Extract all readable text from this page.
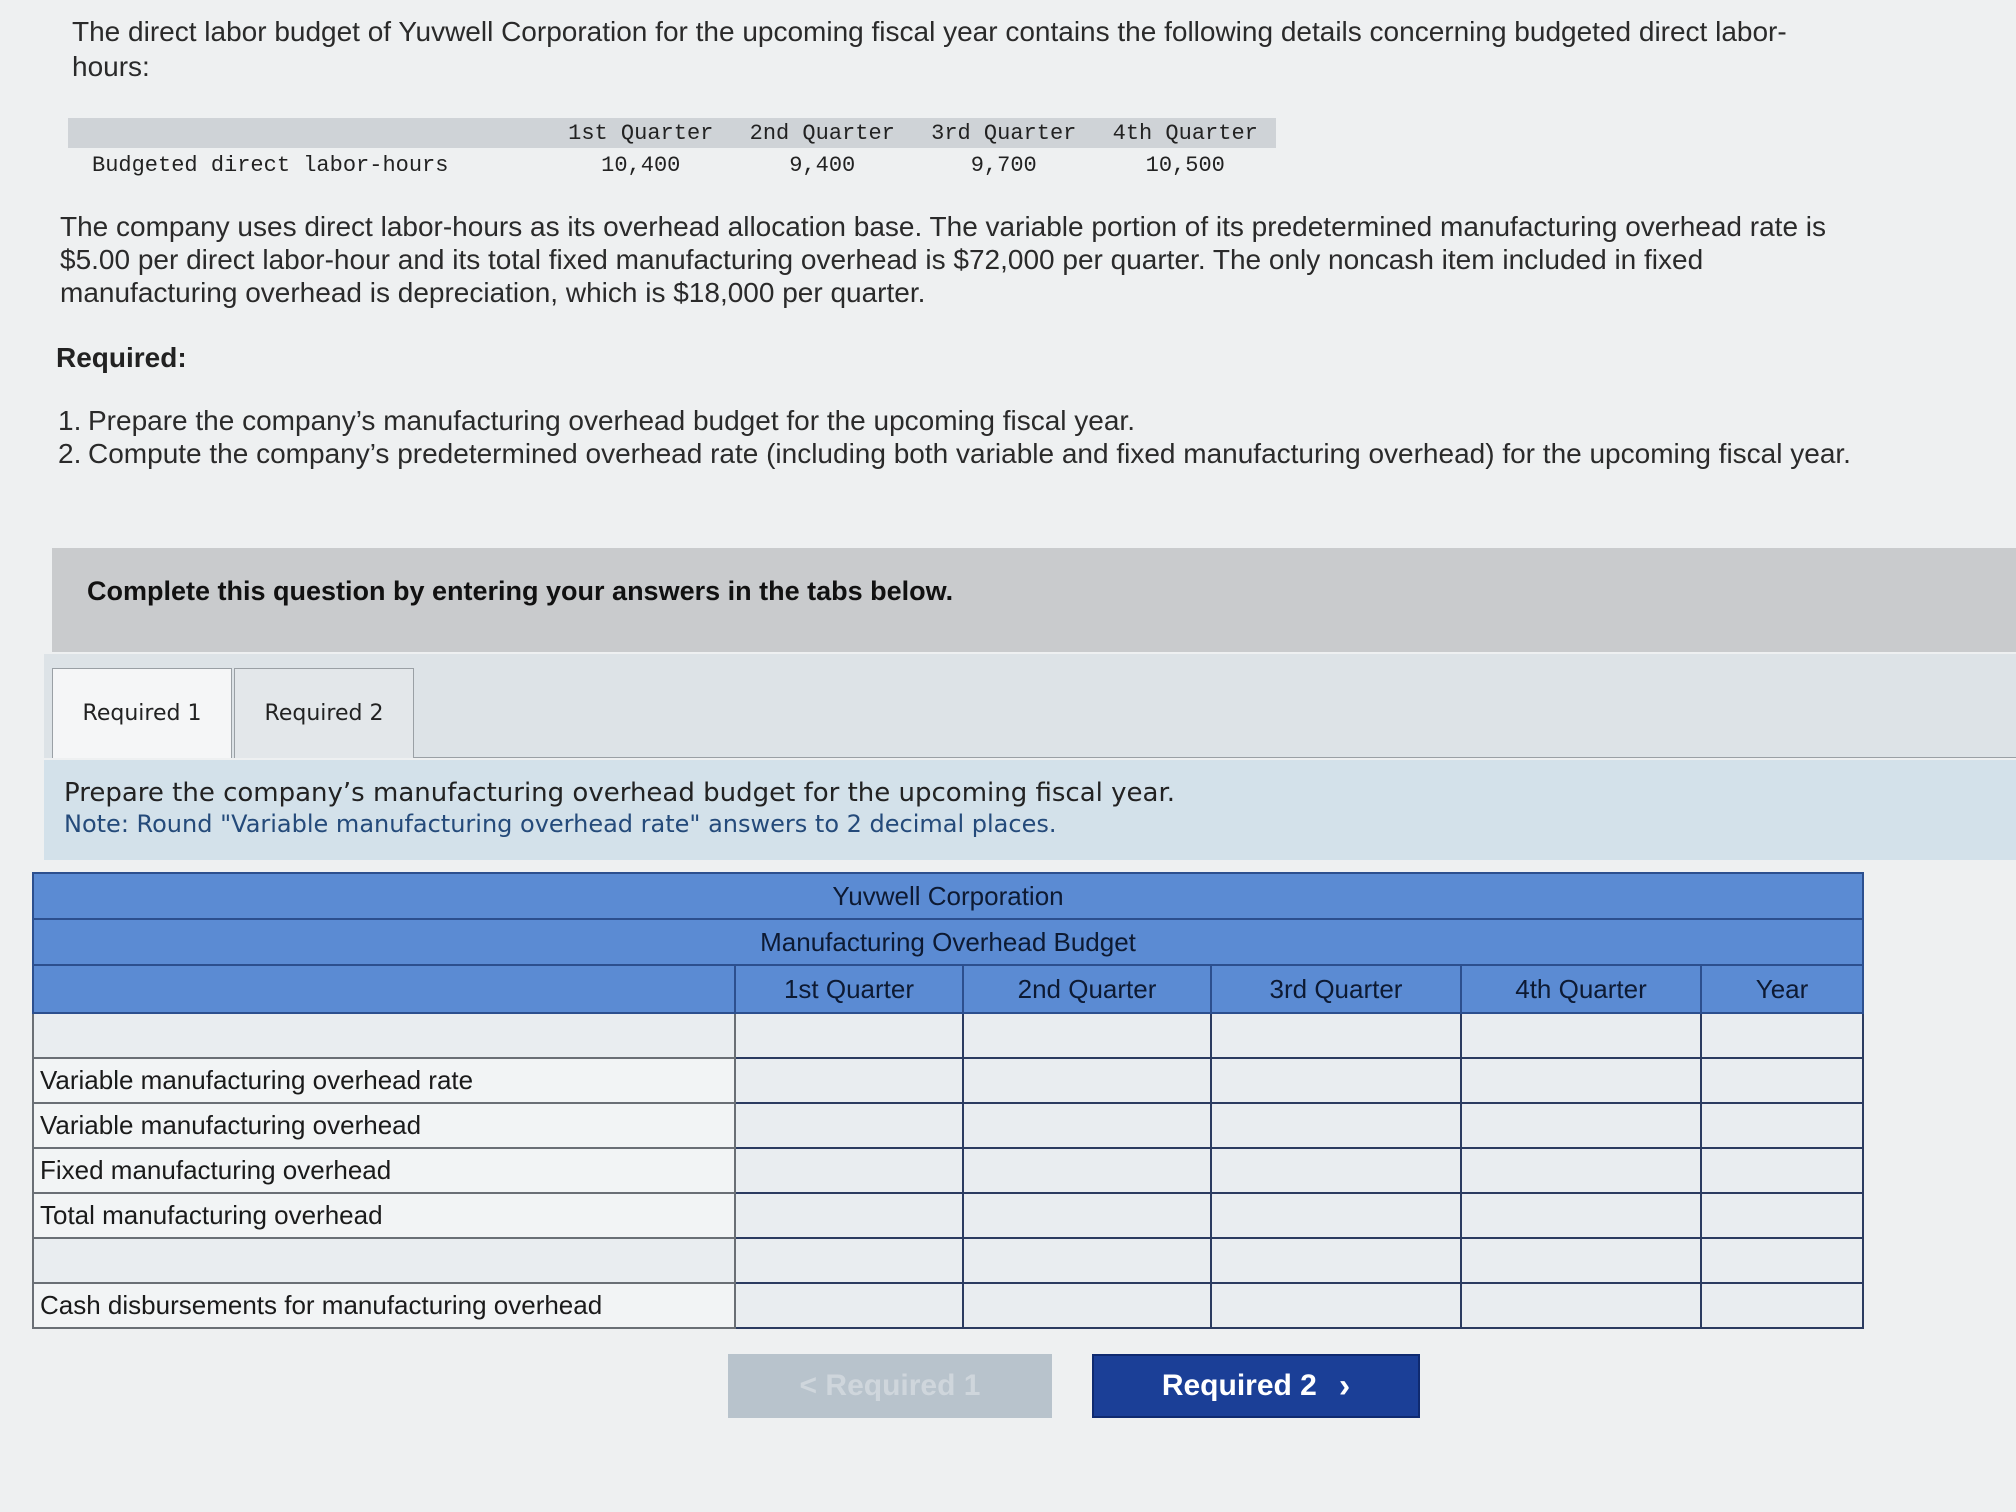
The direct labor budget of Yuvwell Corporation for the upcoming fiscal year contains the following details concerning budgeted direct labor-hours:
	1st Quarter	2nd Quarter	3rd Quarter	4th Quarter
Budgeted direct labor-hours	10,400	9,400	9,700	10,500
The company uses direct labor-hours as its overhead allocation base. The variable portion of its predetermined manufacturing overhead rate is $5.00 per direct labor-hour and its total fixed manufacturing overhead is $72,000 per quarter. The only noncash item included in fixed manufacturing overhead is depreciation, which is $18,000 per quarter.
Required:
1. Prepare the company’s manufacturing overhead budget for the upcoming fiscal year.
2. Compute the company’s predetermined overhead rate (including both variable and fixed manufacturing overhead) for the upcoming fiscal year.
Complete this question by entering your answers in the tabs below.
Required 1	Required 2
Prepare the company’s manufacturing overhead budget for the upcoming fiscal year.
Note: Round "Variable manufacturing overhead rate" answers to 2 decimal places.
Yuvwell Corporation					
Manufacturing Overhead Budget					
	1st Quarter	2nd Quarter	3rd Quarter	4th Quarter	Year

Variable manufacturing overhead rate					
Variable manufacturing overhead					
Fixed manufacturing overhead					
Total manufacturing overhead					

Cash disbursements for manufacturing overhead					
< Required 1	Required 2 ›
